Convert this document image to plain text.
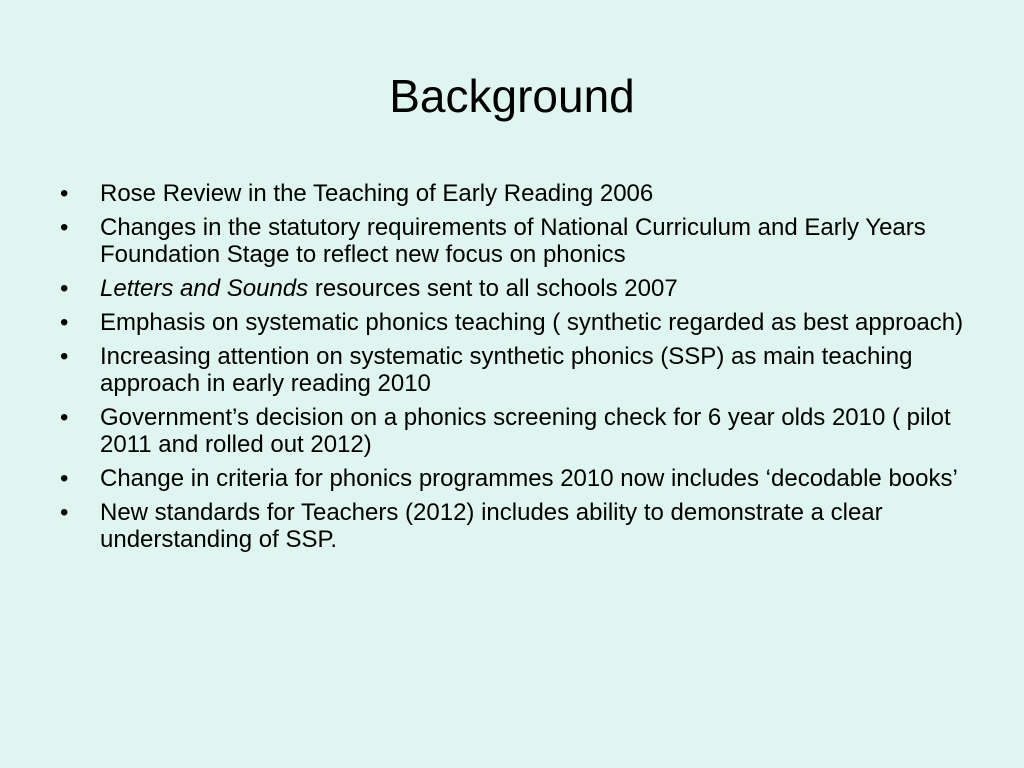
Background
• Rose Review in the Teaching of Early Reading 2006
• Changes in the statutory requirements of National Curriculum and Early Years Foundation Stage to reflect new focus on phonics
• Letters and Sounds resources sent to all schools 2007
• Emphasis on systematic phonics teaching ( synthetic regarded as best approach)
• Increasing attention on systematic synthetic phonics (SSP) as main teaching approach in early reading 2010
• Government’s decision on a phonics screening check for 6 year olds 2010 ( pilot 2011 and rolled out 2012)
• Change in criteria for phonics programmes 2010 now includes ‘decodable books’
• New standards for Teachers (2012) includes ability to demonstrate a clear understanding of SSP.
